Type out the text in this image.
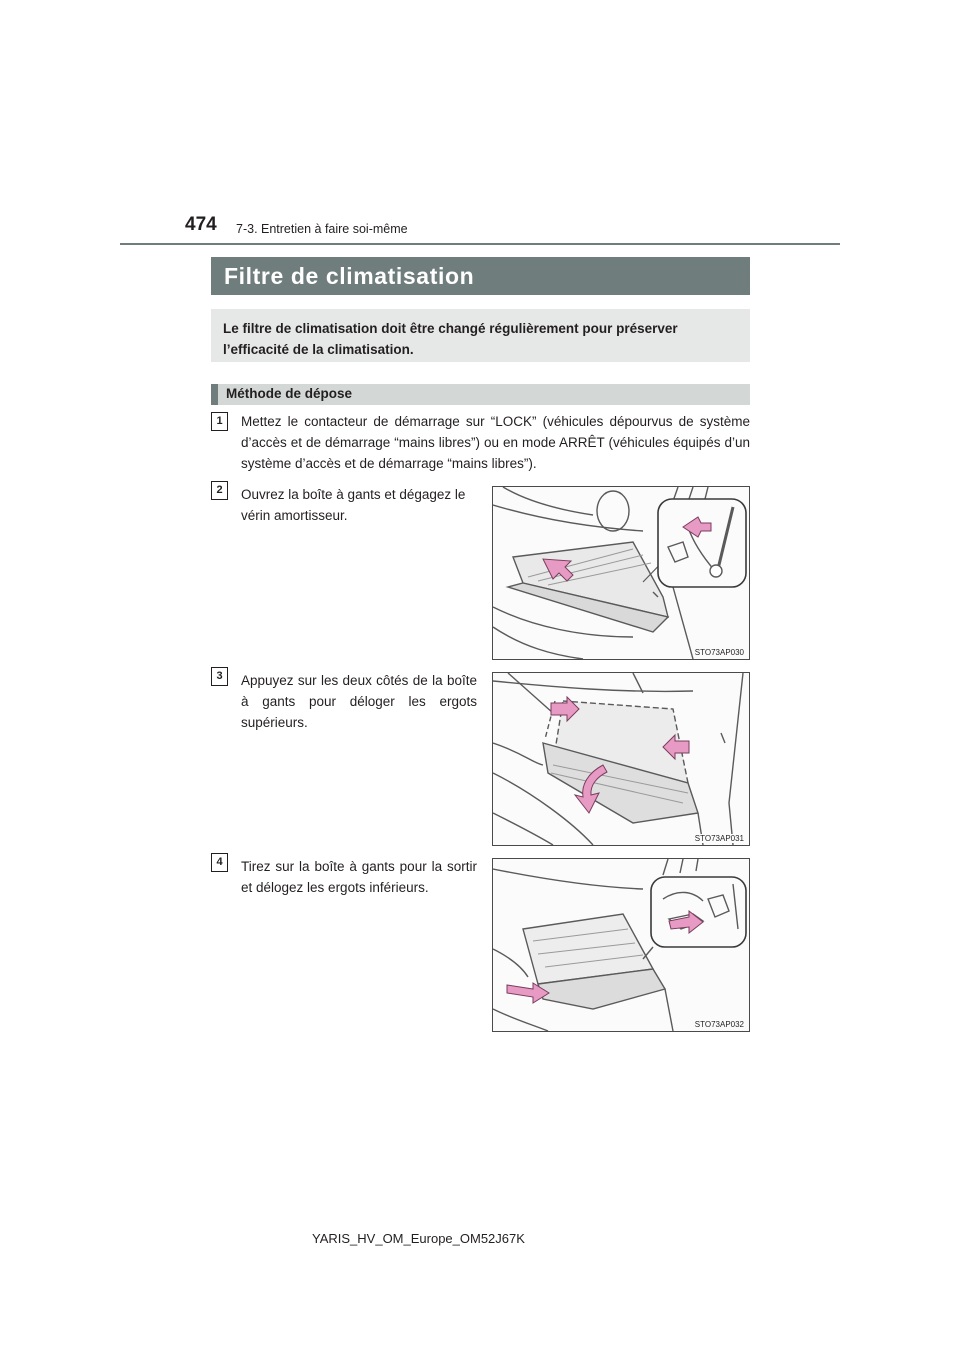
474 7-3. Entretien à faire soi-même
Filtre de climatisation
Le filtre de climatisation doit être changé régulièrement pour préserver l’efficacité de la climatisation.
Méthode de dépose
1	Mettez le contacteur de démarrage sur “LOCK” (véhicules dépourvus de système d’accès et de démarrage “mains libres”) ou en mode ARRÊT (véhicules équipés d’un système d’accès et de démarrage “mains libres”).
2	Ouvrez la boîte à gants et dégagez le vérin amortisseur.
STO73AP030
3	Appuyez sur les deux côtés de la boîte à gants pour déloger les ergots supérieurs.
STO73AP031
4	Tirez sur la boîte à gants pour la sortir et délogez les ergots inférieurs.
STO73AP032
YARIS_HV_OM_Europe_OM52J67K
